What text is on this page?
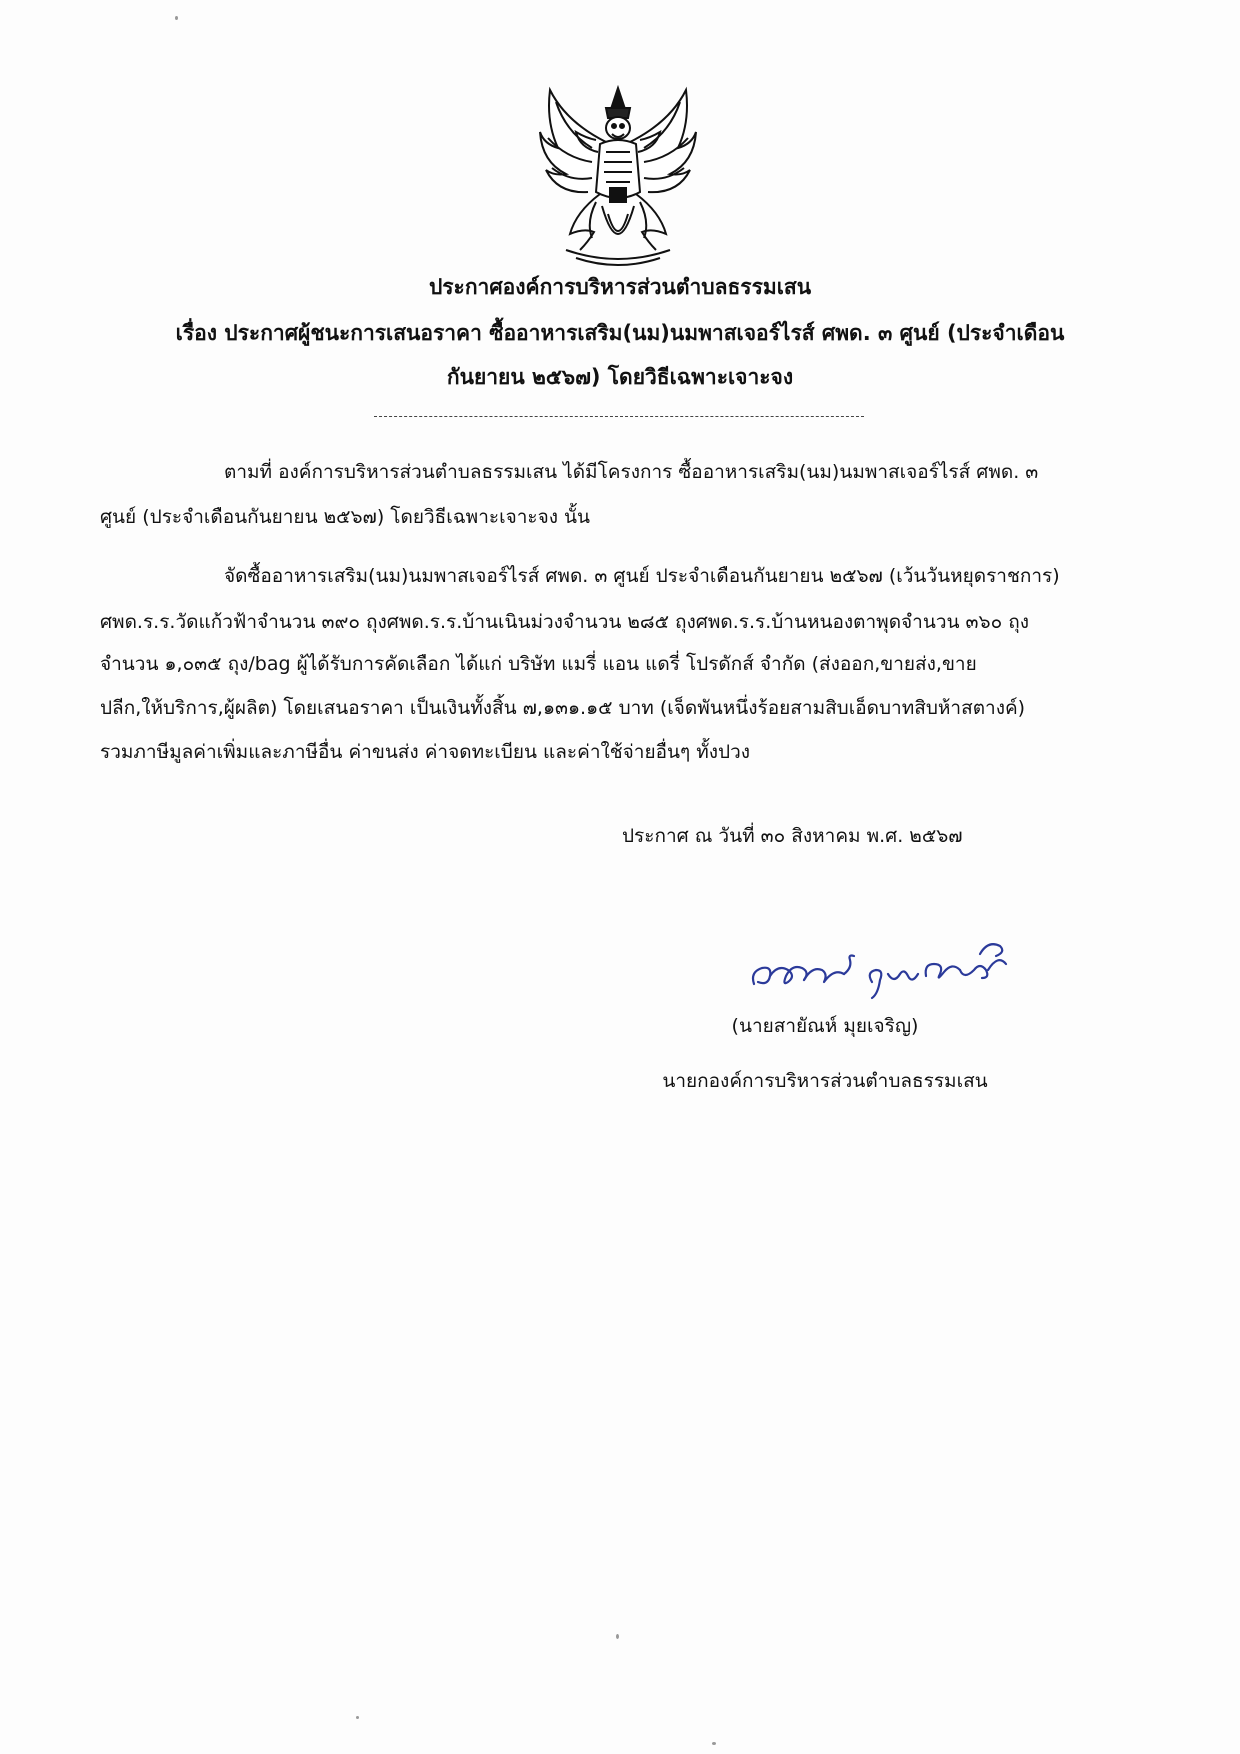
ประกาศองค์การบริหารส่วนตำบลธรรมเสน
เรื่อง ประกาศผู้ชนะการเสนอราคา ซื้ออาหารเสริม(นม)นมพาสเจอร์ไรส์ ศพด. ๓ ศูนย์ (ประจำเดือน
กันยายน ๒๕๖๗) โดยวิธีเฉพาะเจาะจง
ตามที่ องค์การบริหารส่วนตำบลธรรมเสน ได้มีโครงการ ซื้ออาหารเสริม(นม)นมพาสเจอร์ไรส์ ศพด. ๓
ศูนย์ (ประจำเดือนกันยายน ๒๕๖๗) โดยวิธีเฉพาะเจาะจง นั้น
จัดซื้ออาหารเสริม(นม)นมพาสเจอร์ไรส์ ศพด. ๓ ศูนย์ ประจำเดือนกันยายน ๒๕๖๗ (เว้นวันหยุดราชการ)
ศพด.ร.ร.วัดแก้วฟ้าจำนวน ๓๙๐ ถุงศพด.ร.ร.บ้านเนินม่วงจำนวน ๒๘๕ ถุงศพด.ร.ร.บ้านหนองตาพุดจำนวน ๓๖๐ ถุง
จำนวน ๑,๐๓๕ ถุง/bag ผู้ได้รับการคัดเลือก ได้แก่ บริษัท แมรี่ แอน แดรี่ โปรดักส์ จำกัด (ส่งออก,ขายส่ง,ขาย
ปลีก,ให้บริการ,ผู้ผลิต) โดยเสนอราคา เป็นเงินทั้งสิ้น ๗,๑๓๑.๑๕ บาท (เจ็ดพันหนึ่งร้อยสามสิบเอ็ดบาทสิบห้าสตางค์)
รวมภาษีมูลค่าเพิ่มและภาษีอื่น ค่าขนส่ง ค่าจดทะเบียน และค่าใช้จ่ายอื่นๆ ทั้งปวง
ประกาศ ณ วันที่ ๓๐ สิงหาคม พ.ศ. ๒๕๖๗
(นายสายัณห์ มุยเจริญ)
นายกองค์การบริหารส่วนตำบลธรรมเสน
